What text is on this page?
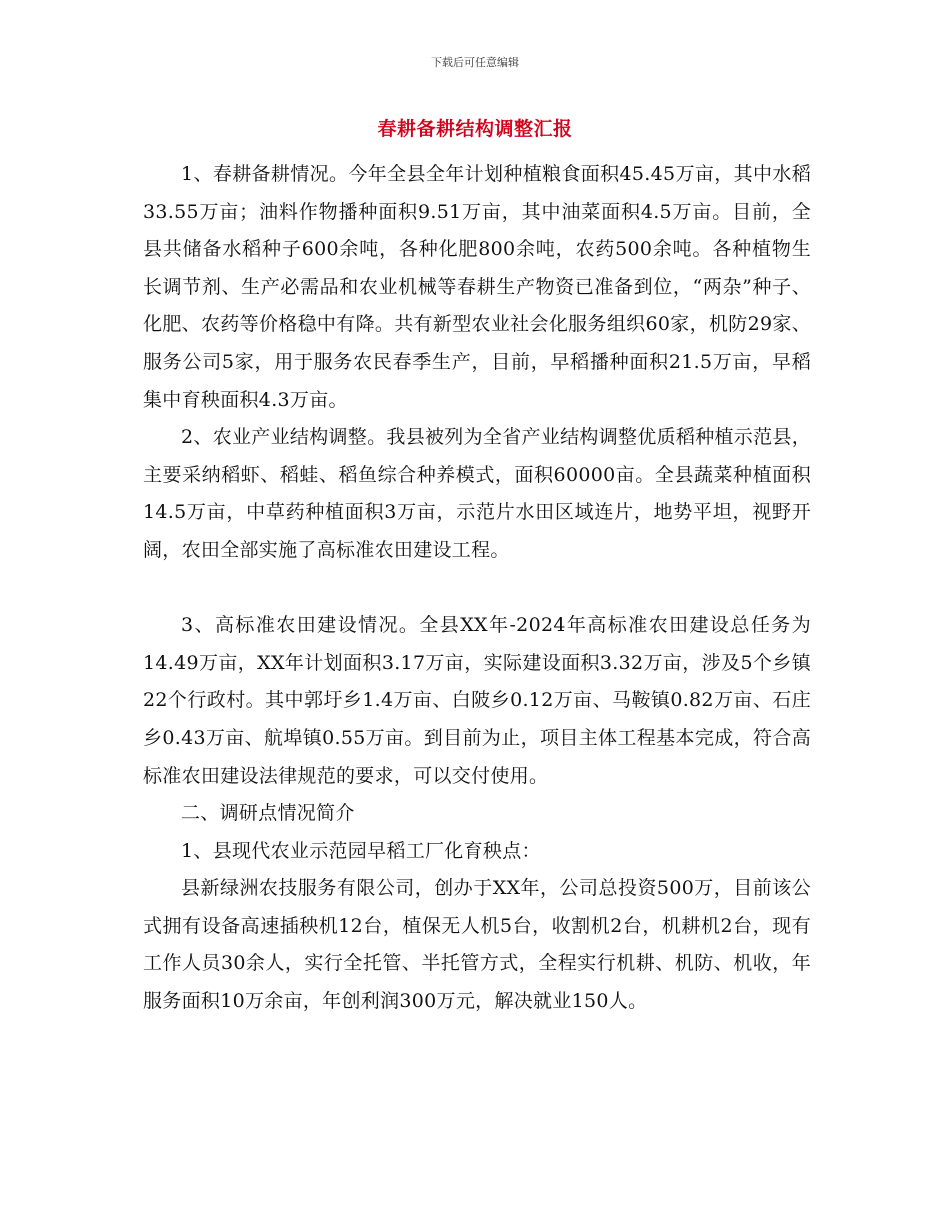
下载后可任意编辑
春耕备耕结构调整汇报

1、春耕备耕情况。今年全县全年计划种植粮食面积45.45万亩，其中水稻33.55万亩；油料作物播种面积9.51万亩，其中油菜面积4.5万亩。目前，全县共储备水稻种子600余吨，各种化肥800余吨，农药500余吨。各种植物生长调节剂、生产必需品和农业机械等春耕生产物资已准备到位，“两杂”种子、化肥、农药等价格稳中有降。共有新型农业社会化服务组织60家，机防29家、服务公司5家，用于服务农民春季生产，目前，早稻播种面积21.5万亩，早稻集中育秧面积4.3万亩。

2、农业产业结构调整。我县被列为全省产业结构调整优质稻种植示范县，主要采纳稻虾、稻蛙、稻鱼综合种养模式，面积60000亩。全县蔬菜种植面积14.5万亩，中草药种植面积3万亩，示范片水田区域连片，地势平坦，视野开阔，农田全部实施了高标准农田建设工程。

3、高标准农田建设情况。全县XX年-2024年高标准农田建设总任务为14.49万亩，XX年计划面积3.17万亩，实际建设面积3.32万亩，涉及5个乡镇22个行政村。其中郭圩乡1.4万亩、白陂乡0.12万亩、马鞍镇0.82万亩、石庄乡0.43万亩、航埠镇0.55万亩。到目前为止，项目主体工程基本完成，符合高标准农田建设法律规范的要求，可以交付使用。

二、调研点情况简介

1、县现代农业示范园早稻工厂化育秧点：

县新绿洲农技服务有限公司，创办于XX年，公司总投资500万，目前该公式拥有设备高速插秧机12台，植保无人机5台，收割机2台，机耕机2台，现有工作人员30余人，实行全托管、半托管方式，全程实行机耕、机防、机收，年服务面积10万余亩，年创利润300万元，解决就业150人。
